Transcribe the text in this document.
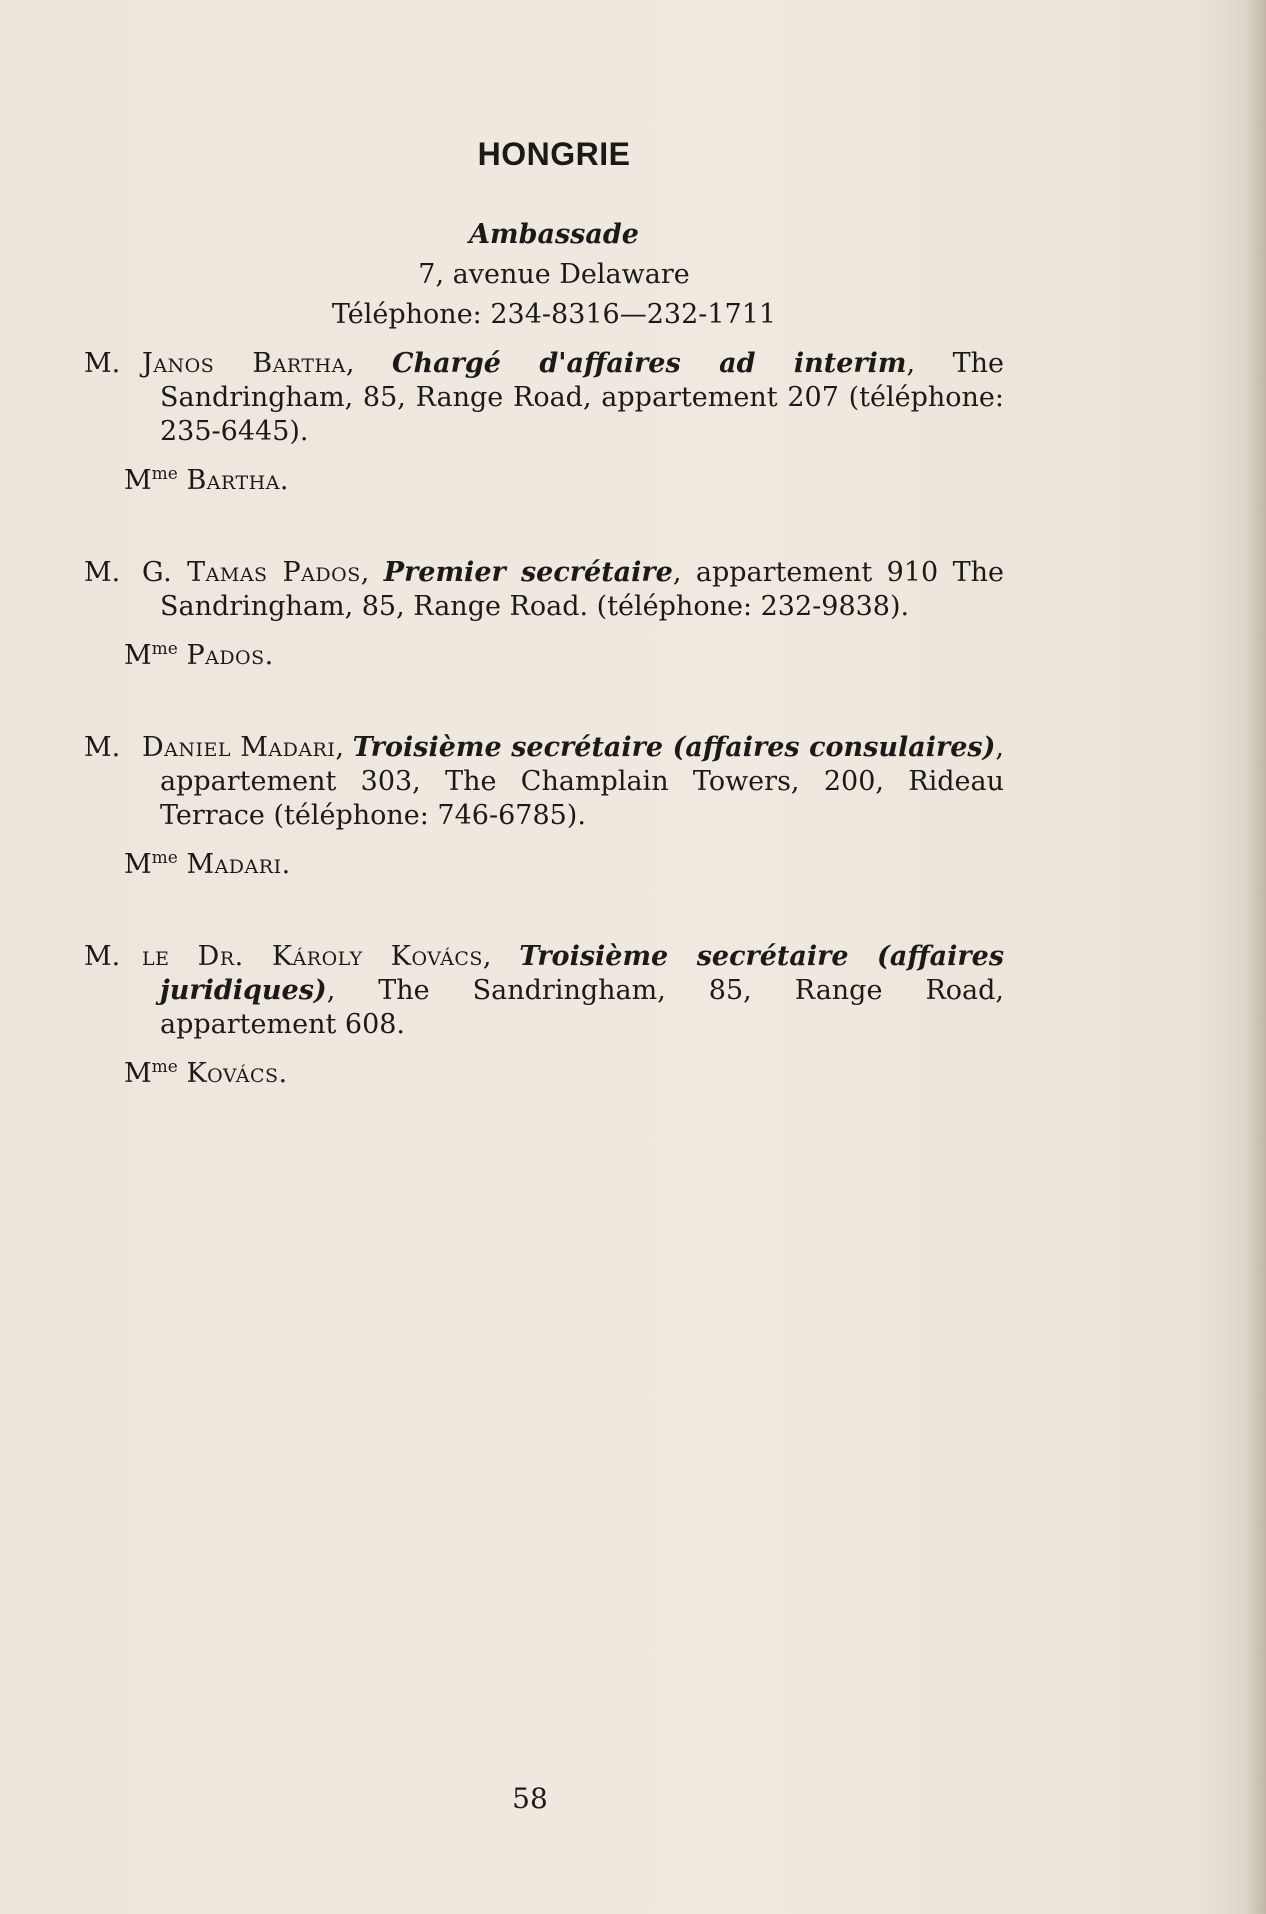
HONGRIE

Ambassade

7, avenue Delaware

Téléphone: 234-8316—232-1711

M. Janos Bartha, Chargé d'affaires ad interim, The Sandringham, 85, Range Road, appartement 207 (téléphone: 235-6445).

$M^{me}$ Bartha.

M. G. Tamas Pados, Premier secrétaire, appartement 910 The Sandringham, 85, Range Road. (téléphone: 232-9838).

$M^{me}$ Pados.

M. Daniel Madari, Troisième secrétaire (affaires consulaires), appartement 303, The Champlain Towers, 200, Rideau Terrace (téléphone: 746-6785).

$M^{me}$ Madari.

M. le Dr. Károly Kovács, Troisième secrétaire (affaires juridiques), The Sandringham, 85, Range Road, appartement 608.

$M^{me}$ Kovács.

58
